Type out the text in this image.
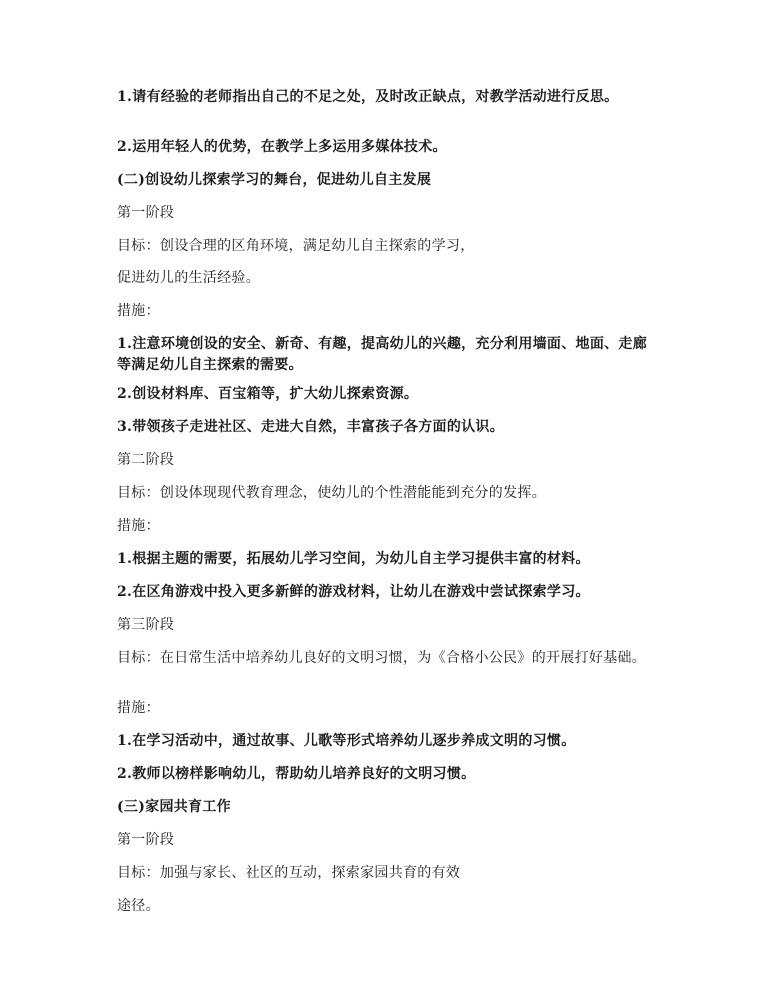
1.请有经验的老师指出自己的不足之处，及时改正缺点，对教学活动进行反思。

2.运用年轻人的优势，在教学上多运用多媒体技术。

(二)创设幼儿探索学习的舞台，促进幼儿自主发展

第一阶段

目标：创设合理的区角环境，满足幼儿自主探索的学习，

促进幼儿的生活经验。

措施：

1.注意环境创设的安全、新奇、有趣，提高幼儿的兴趣，充分利用墙面、地面、走廊等满足幼儿自主探索的需要。

2.创设材料库、百宝箱等，扩大幼儿探索资源。

3.带领孩子走进社区、走进大自然，丰富孩子各方面的认识。

第二阶段

目标：创设体现现代教育理念，使幼儿的个性潜能能到充分的发挥。

措施：

1.根据主题的需要，拓展幼儿学习空间，为幼儿自主学习提供丰富的材料。

2.在区角游戏中投入更多新鲜的游戏材料，让幼儿在游戏中尝试探索学习。

第三阶段

目标：在日常生活中培养幼儿良好的文明习惯，为《合格小公民》的开展打好基础。

措施：

1.在学习活动中，通过故事、儿歌等形式培养幼儿逐步养成文明的习惯。

2.教师以榜样影响幼儿，帮助幼儿培养良好的文明习惯。

(三)家园共育工作

第一阶段

目标：加强与家长、社区的互动，探索家园共育的有效

途径。
